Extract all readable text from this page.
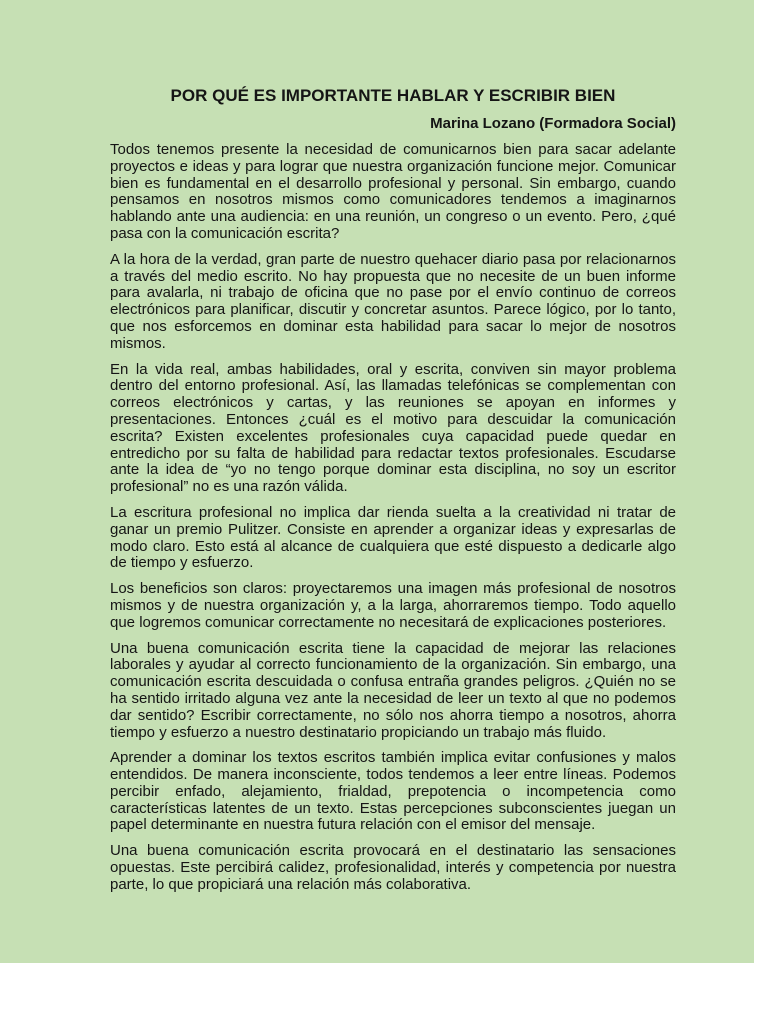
POR QUÉ ES IMPORTANTE HABLAR Y ESCRIBIR BIEN
Marina Lozano (Formadora Social)

Todos tenemos presente la necesidad de comunicarnos bien para sacar adelante proyectos e ideas y para lograr que nuestra organización funcione mejor. Comunicar bien es fundamental en el desarrollo profesional y personal. Sin embargo, cuando pensamos en nosotros mismos como comunicadores tendemos a imaginarnos hablando ante una audiencia: en una reunión, un congreso o un evento. Pero, ¿qué pasa con la comunicación escrita?

A la hora de la verdad, gran parte de nuestro quehacer diario pasa por relacionarnos a través del medio escrito. No hay propuesta que no necesite de un buen informe para avalarla, ni trabajo de oficina que no pase por el envío continuo de correos electrónicos para planificar, discutir y concretar asuntos. Parece lógico, por lo tanto, que nos esforcemos en dominar esta habilidad para sacar lo mejor de nosotros mismos.

En la vida real, ambas habilidades, oral y escrita, conviven sin mayor problema dentro del entorno profesional. Así, las llamadas telefónicas se complementan con correos electrónicos y cartas, y las reuniones se apoyan en informes y presentaciones. Entonces ¿cuál es el motivo para descuidar la comunicación escrita? Existen excelentes profesionales cuya capacidad puede quedar en entredicho por su falta de habilidad para redactar textos profesionales. Escudarse ante la idea de “yo no tengo porque dominar esta disciplina, no soy un escritor profesional” no es una razón válida.

La escritura profesional no implica dar rienda suelta a la creatividad ni tratar de ganar un premio Pulitzer. Consiste en aprender a organizar ideas y expresarlas de modo claro. Esto está al alcance de cualquiera que esté dispuesto a dedicarle algo de tiempo y esfuerzo.

Los beneficios son claros: proyectaremos una imagen más profesional de nosotros mismos y de nuestra organización y, a la larga, ahorraremos tiempo. Todo aquello que logremos comunicar correctamente no necesitará de explicaciones posteriores.

Una buena comunicación escrita tiene la capacidad de mejorar las relaciones laborales y ayudar al correcto funcionamiento de la organización. Sin embargo, una comunicación escrita descuidada o confusa entraña grandes peligros. ¿Quién no se ha sentido irritado alguna vez ante la necesidad de leer un texto al que no podemos dar sentido? Escribir correctamente, no sólo nos ahorra tiempo a nosotros, ahorra tiempo y esfuerzo a nuestro destinatario propiciando un trabajo más fluido.

Aprender a dominar los textos escritos también implica evitar confusiones y malos entendidos. De manera inconsciente, todos tendemos a leer entre líneas. Podemos percibir enfado, alejamiento, frialdad, prepotencia o incompetencia como características latentes de un texto. Estas percepciones subconscientes juegan un papel determinante en nuestra futura relación con el emisor del mensaje.

Una buena comunicación escrita provocará en el destinatario las sensaciones opuestas. Este percibirá calidez, profesionalidad, interés y competencia por nuestra parte, lo que propiciará una relación más colaborativa.
